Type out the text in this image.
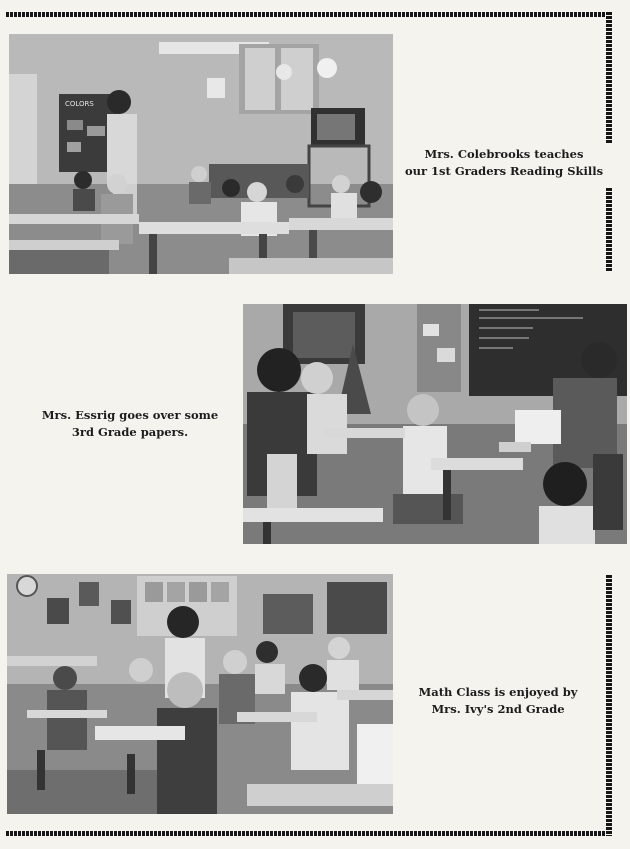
COLORS
Mrs. Colebrooks teaches
our 1st Graders Reading Skills
Mrs. Essrig goes over some
3rd Grade papers.
Math Class is enjoyed by
Mrs. Ivy's 2nd Grade
